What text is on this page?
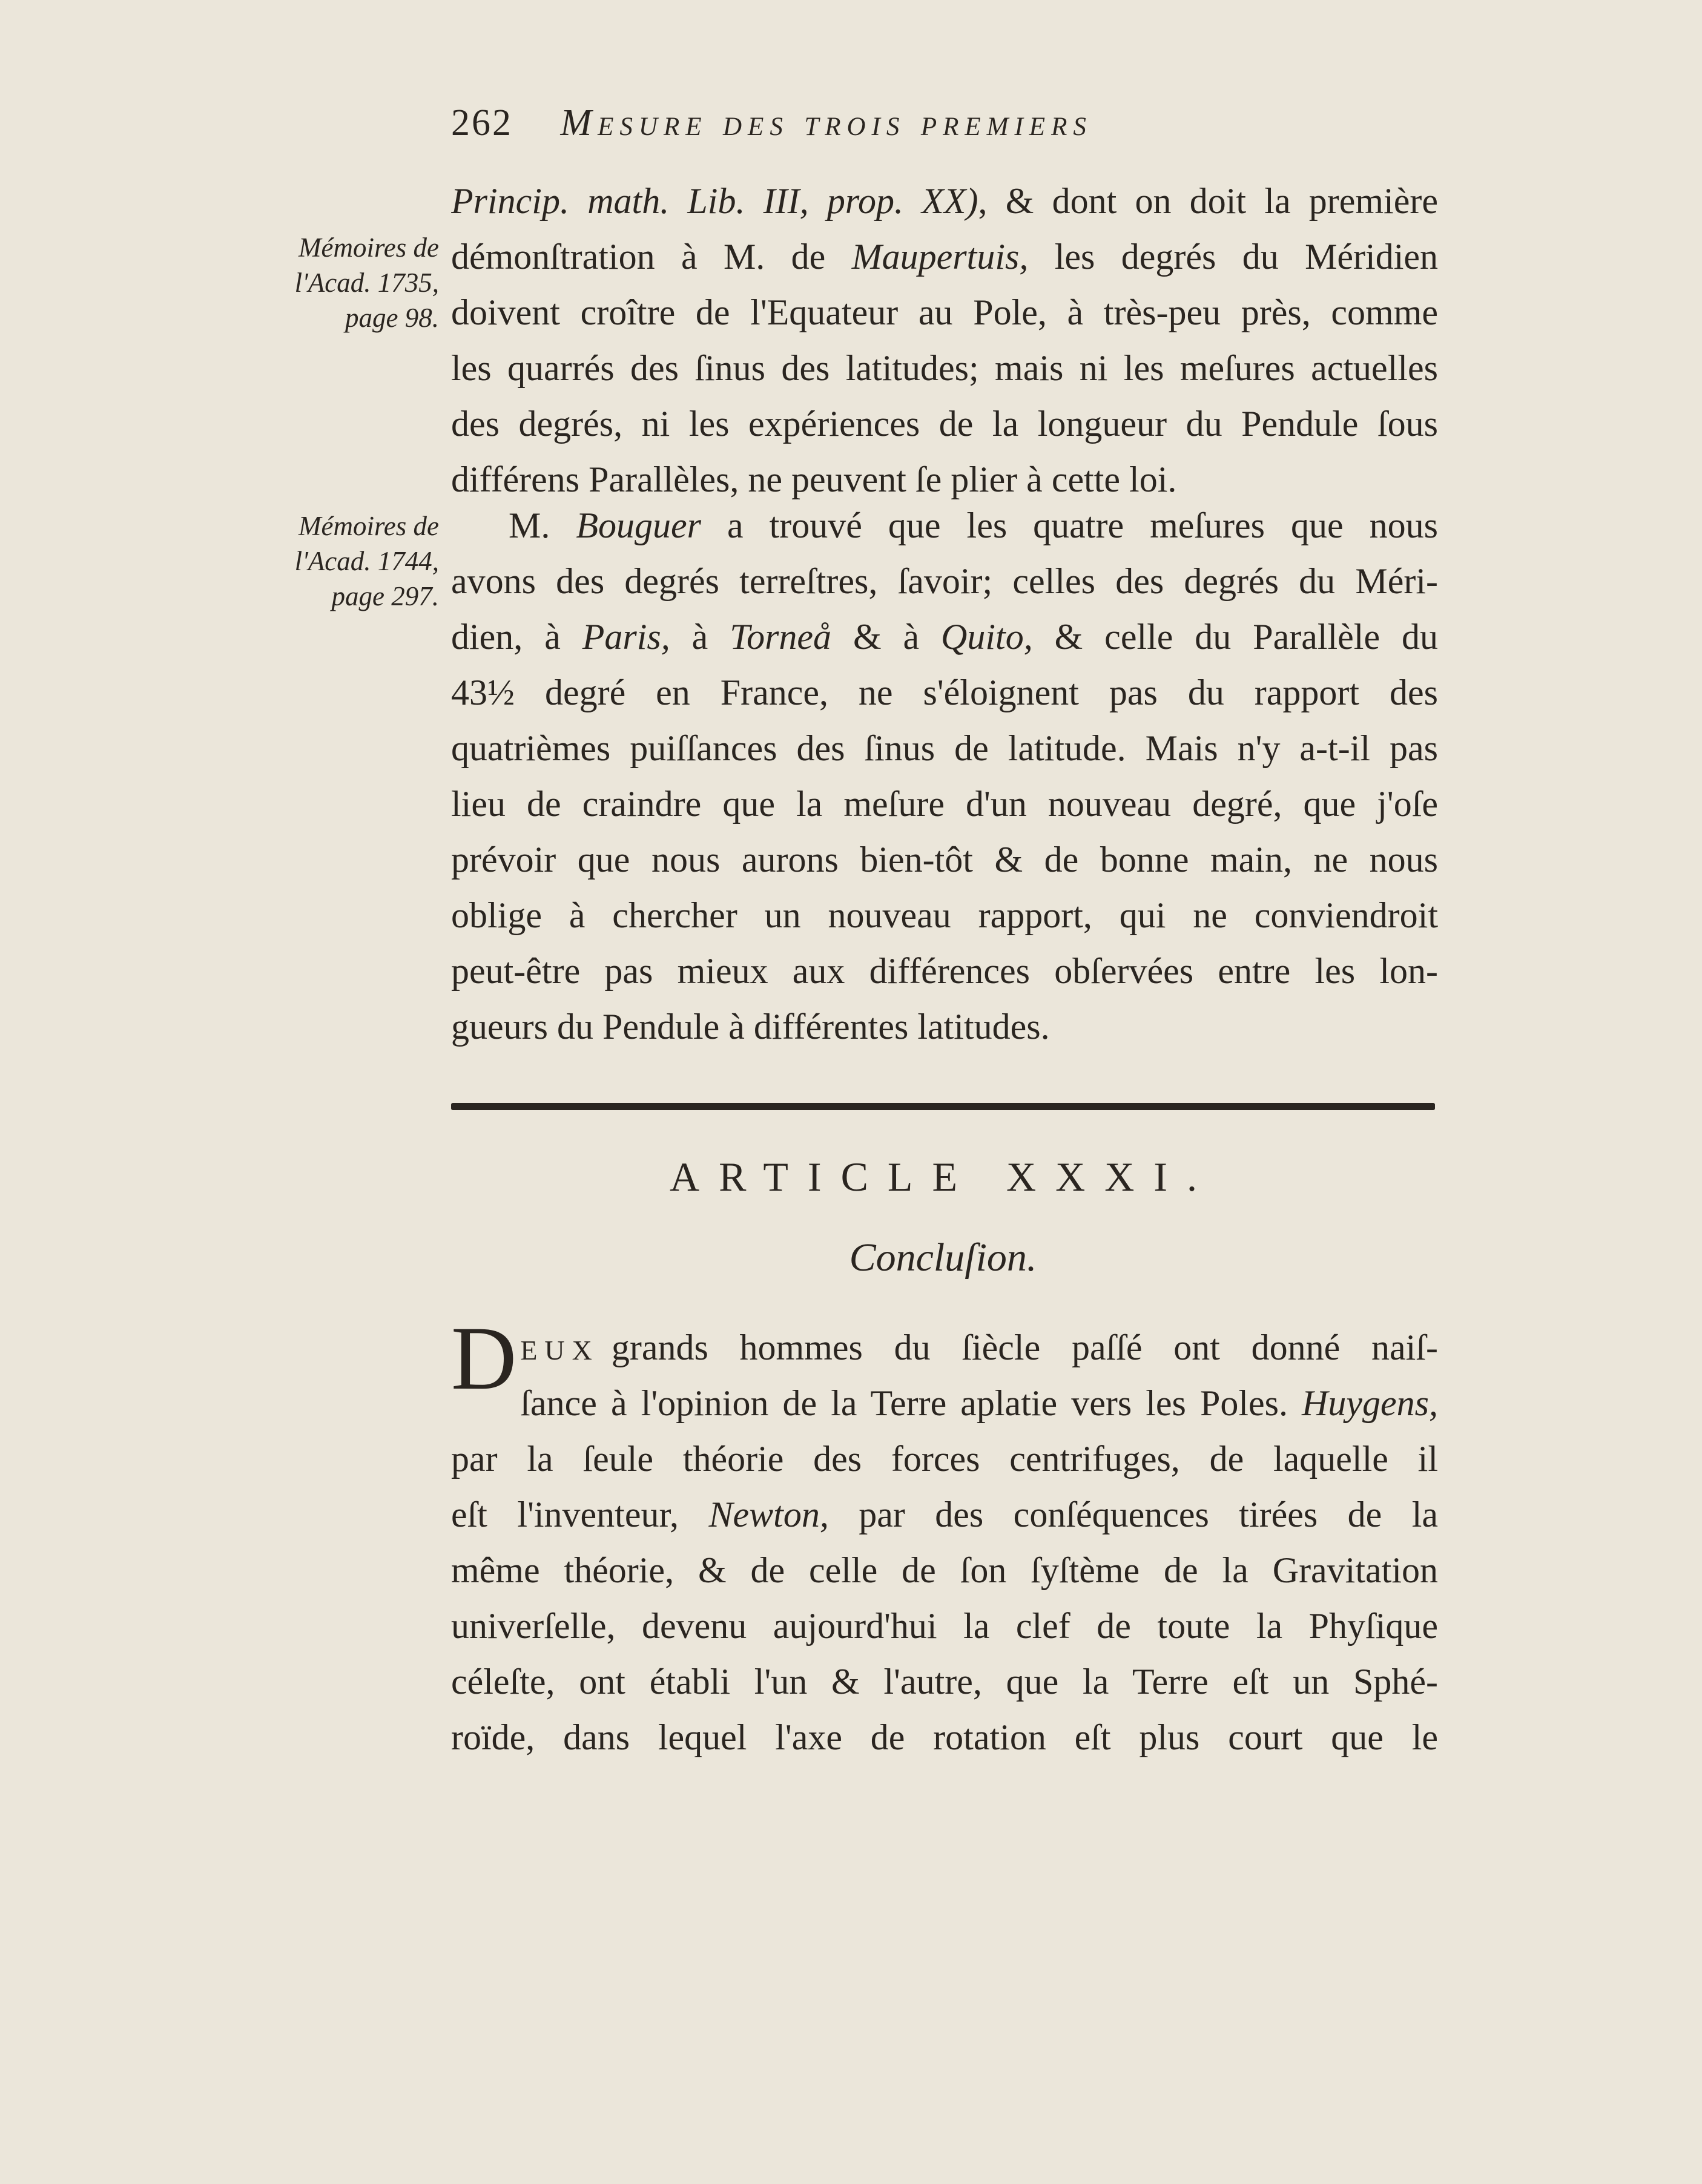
262 Mesure des trois premiers
Mémoires de
l'Acad. 1735,
page 98.
Mémoires de
l'Acad. 1744,
page 297.
Princip. math. Lib. III, prop. XX), & dont on doit la première
démonſtration à M. de Maupertuis, les degrés du Méridien
doivent croître de l'Equateur au Pole, à très-peu près, comme
les quarrés des ſinus des latitudes; mais ni les meſures actuelles
des degrés, ni les expériences de la longueur du Pendule ſous
différens Parallèles, ne peuvent ſe plier à cette loi.
M. Bouguer a trouvé que les quatre meſures que nous
avons des degrés terreſtres, ſavoir; celles des degrés du Méri-
dien, à Paris, à Torneå & à Quito, & celle du Parallèle du
43½ degré en France, ne s'éloignent pas du rapport des
quatrièmes puiſſances des ſinus de latitude. Mais n'y a-t-il pas
lieu de craindre que la meſure d'un nouveau degré, que j'oſe
prévoir que nous aurons bien-tôt & de bonne main, ne nous
oblige à chercher un nouveau rapport, qui ne conviendroit
peut-être pas mieux aux différences obſervées entre les lon-
gueurs du Pendule à différentes latitudes.
ARTICLE XXXI.
Concluſion.
D EUX grands hommes du ſiècle paſſé ont donné naiſ-
ſance à l'opinion de la Terre aplatie vers les Poles. Huygens,
par la ſeule théorie des forces centrifuges, de laquelle il
eſt l'inventeur, Newton, par des conſéquences tirées de la
même théorie, & de celle de ſon ſyſtème de la Gravitation
univerſelle, devenu aujourd'hui la clef de toute la Phyſique
céleſte, ont établi l'un & l'autre, que la Terre eſt un Sphé-
roïde, dans lequel l'axe de rotation eſt plus court que le
